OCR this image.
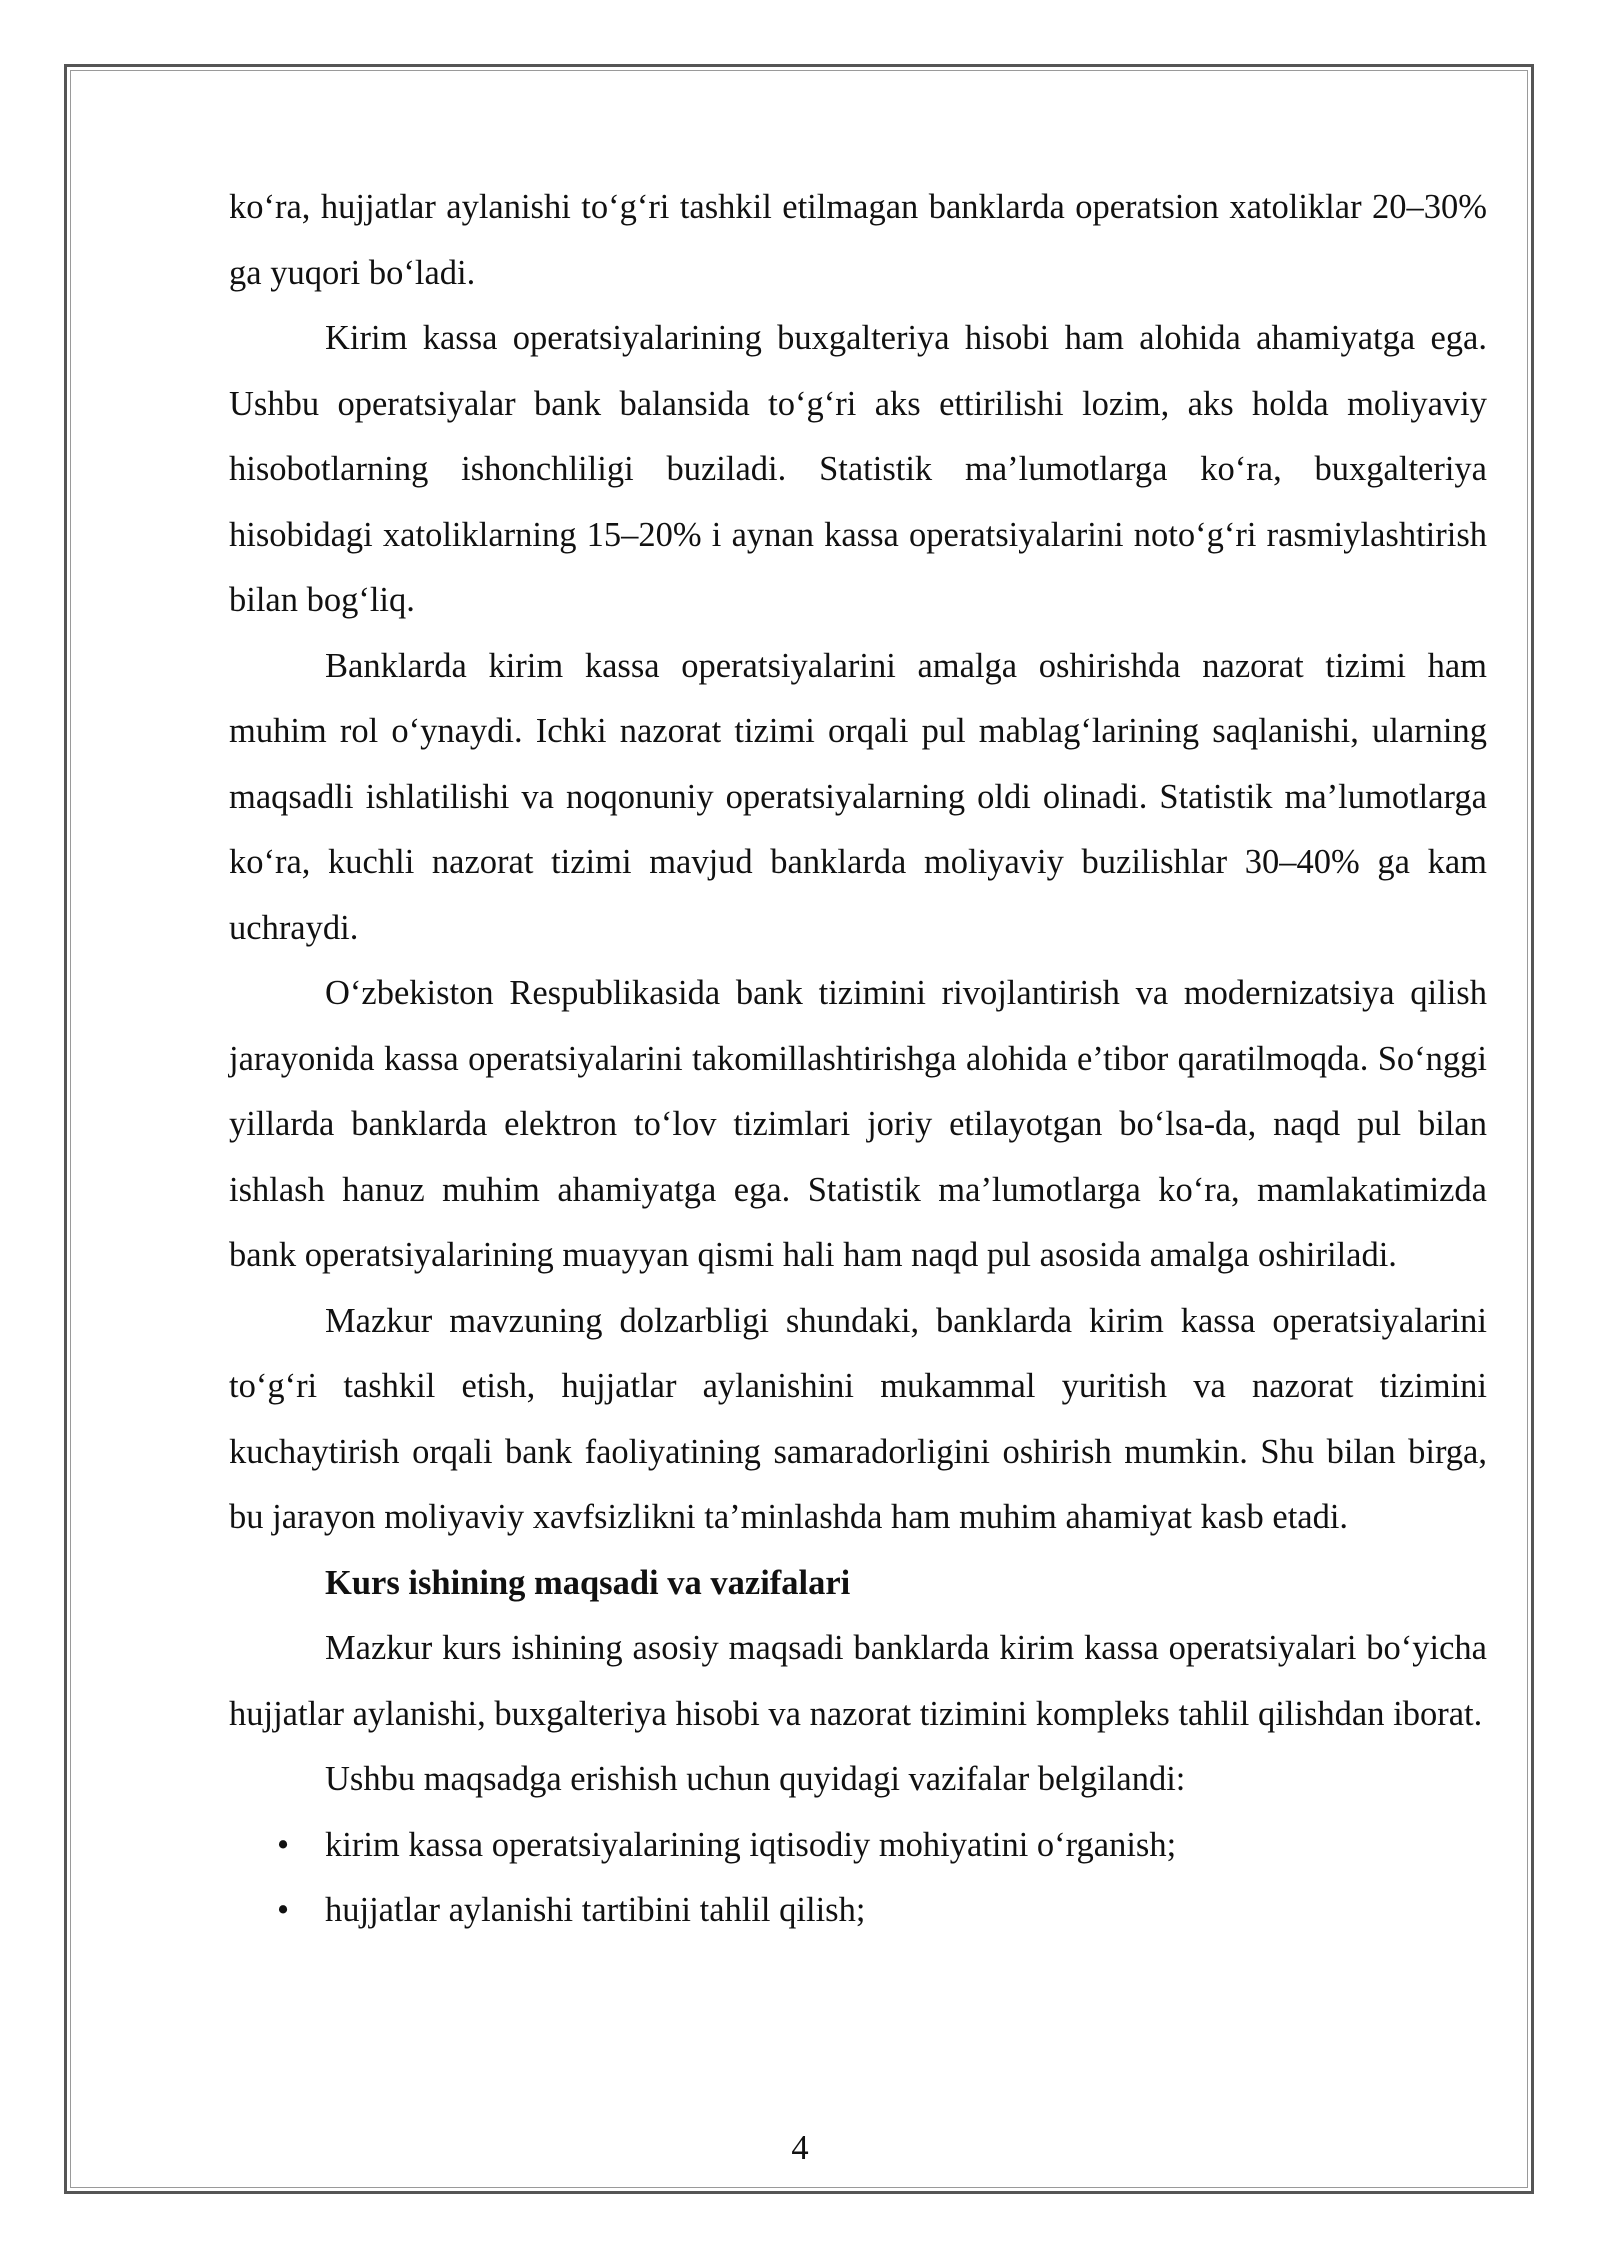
ko‘ra, hujjatlar aylanishi to‘g‘ri tashkil etilmagan banklarda operatsion xatoliklar 20–30% ga yuqori bo‘ladi.

Kirim kassa operatsiyalarining buxgalteriya hisobi ham alohida ahamiyatga ega. Ushbu operatsiyalar bank balansida to‘g‘ri aks ettirilishi lozim, aks holda moliyaviy hisobotlarning ishonchliligi buziladi. Statistik ma’lumotlarga ko‘ra, buxgalteriya hisobidagi xatoliklarning 15–20% i aynan kassa operatsiyalarini noto‘g‘ri rasmiylashtirish bilan bog‘liq.

Banklarda kirim kassa operatsiyalarini amalga oshirishda nazorat tizimi ham muhim rol o‘ynaydi. Ichki nazorat tizimi orqali pul mablag‘larining saqlanishi, ularning maqsadli ishlatilishi va noqonuniy operatsiyalarning oldi olinadi. Statistik ma’lumotlarga ko‘ra, kuchli nazorat tizimi mavjud banklarda moliyaviy buzilishlar 30–40% ga kam uchraydi.

O‘zbekiston Respublikasida bank tizimini rivojlantirish va modernizatsiya qilish jarayonida kassa operatsiyalarini takomillashtirishga alohida e’tibor qaratilmoqda. So‘nggi yillarda banklarda elektron to‘lov tizimlari joriy etilayotgan bo‘lsa-da, naqd pul bilan ishlash hanuz muhim ahamiyatga ega. Statistik ma’lumotlarga ko‘ra, mamlakatimizda bank operatsiyalarining muayyan qismi hali ham naqd pul asosida amalga oshiriladi.

Mazkur mavzuning dolzarbligi shundaki, banklarda kirim kassa operatsiyalarini to‘g‘ri tashkil etish, hujjatlar aylanishini mukammal yuritish va nazorat tizimini kuchaytirish orqali bank faoliyatining samaradorligini oshirish mumkin. Shu bilan birga, bu jarayon moliyaviy xavfsizlikni ta’minlashda ham muhim ahamiyat kasb etadi.

Kurs ishining maqsadi va vazifalari

Mazkur kurs ishining asosiy maqsadi banklarda kirim kassa operatsiyalari bo‘yicha hujjatlar aylanishi, buxgalteriya hisobi va nazorat tizimini kompleks tahlil qilishdan iborat.

Ushbu maqsadga erishish uchun quyidagi vazifalar belgilandi:

• kirim kassa operatsiyalarining iqtisodiy mohiyatini o‘rganish;
• hujjatlar aylanishi tartibini tahlil qilish;
4
